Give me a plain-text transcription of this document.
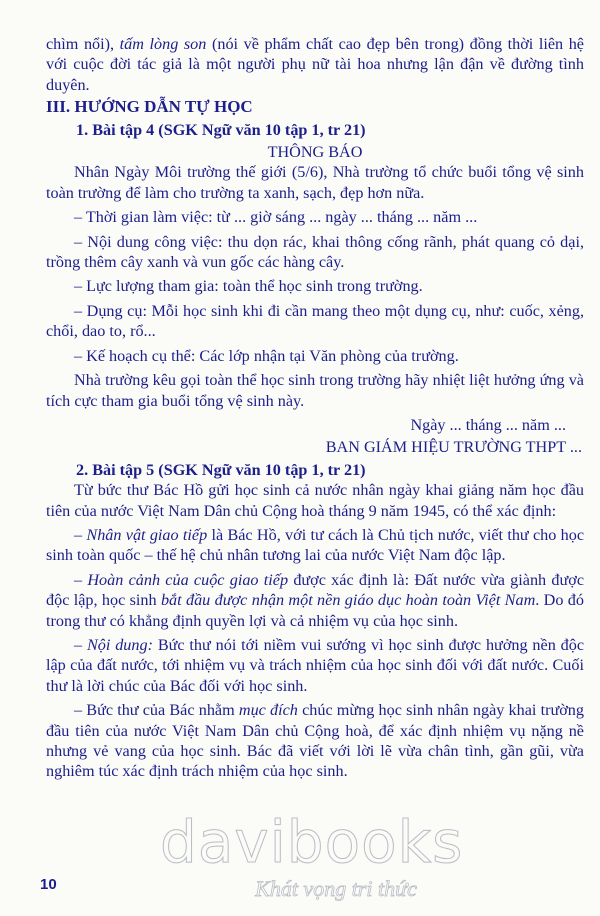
chìm nổi), tấm lòng son (nói về phẩm chất cao đẹp bên trong) đồng thời liên hệ với cuộc đời tác giả là một người phụ nữ tài hoa nhưng lận đận về đường tình duyên.

III. HƯỚNG DẪN TỰ HỌC

1. Bài tập 4 (SGK Ngữ văn 10 tập 1, tr 21)

THÔNG BÁO

Nhân Ngày Môi trường thế giới (5/6), Nhà trường tổ chức buổi tổng vệ sinh toàn trường để làm cho trường ta xanh, sạch, đẹp hơn nữa.

– Thời gian làm việc: từ ... giờ sáng ... ngày ... tháng ... năm ...

– Nội dung công việc: thu dọn rác, khai thông cống rãnh, phát quang cỏ dại, trồng thêm cây xanh và vun gốc các hàng cây.

– Lực lượng tham gia: toàn thể học sinh trong trường.

– Dụng cụ: Mỗi học sinh khi đi cần mang theo một dụng cụ, như: cuốc, xẻng, chổi, dao to, rổ...

– Kế hoạch cụ thể: Các lớp nhận tại Văn phòng của trường.

Nhà trường kêu gọi toàn thể học sinh trong trường hãy nhiệt liệt hưởng ứng và tích cực tham gia buổi tổng vệ sinh này.

Ngày ... tháng ... năm ...

BAN GIÁM HIỆU TRƯỜNG THPT ...

2. Bài tập 5 (SGK Ngữ văn 10 tập 1, tr 21)

Từ bức thư Bác Hồ gửi học sinh cả nước nhân ngày khai giảng năm học đầu tiên của nước Việt Nam Dân chủ Cộng hoà tháng 9 năm 1945, có thể xác định:

– Nhân vật giao tiếp là Bác Hồ, với tư cách là Chủ tịch nước, viết thư cho học sinh toàn quốc – thế hệ chủ nhân tương lai của nước Việt Nam độc lập.

– Hoàn cảnh của cuộc giao tiếp được xác định là: Đất nước vừa giành được độc lập, học sinh bắt đầu được nhận một nền giáo dục hoàn toàn Việt Nam. Do đó trong thư có khẳng định quyền lợi và cả nhiệm vụ của học sinh.

– Nội dung: Bức thư nói tới niềm vui sướng vì học sinh được hưởng nền độc lập của đất nước, tới nhiệm vụ và trách nhiệm của học sinh đối với đất nước. Cuối thư là lời chúc của Bác đối với học sinh.

– Bức thư của Bác nhằm mục đích chúc mừng học sinh nhân ngày khai trường đầu tiên của nước Việt Nam Dân chủ Cộng hoà, để xác định nhiệm vụ nặng nề nhưng vẻ vang của học sinh. Bác đã viết với lời lẽ vừa chân tình, gần gũi, vừa nghiêm túc xác định trách nhiệm của học sinh.

davibooks
Khát vọng tri thức
10
